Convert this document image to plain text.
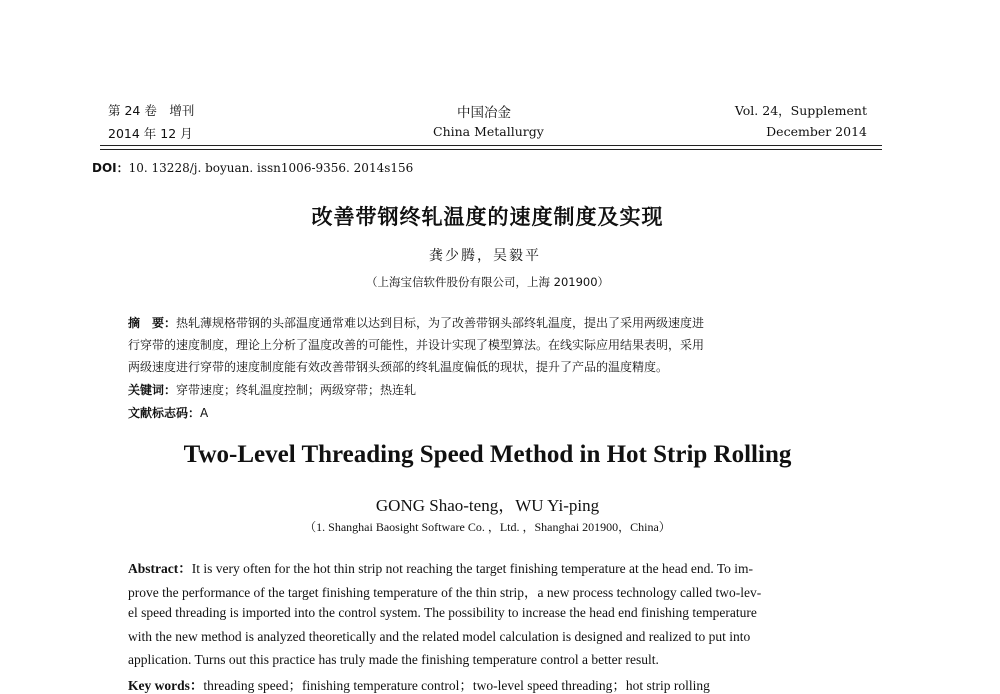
第 24 卷　增刊
2014 年 12 月
中国冶金
China Metallurgy
Vol. 24，Supplement
December 2014
DOI：10. 13228/j. boyuan. issn1006-9356. 2014s156
改善带钢终轧温度的速度制度及实现
龚少腾，吴毅平
（上海宝信软件股份有限公司，上海 201900）
摘　要：热轧薄规格带钢的头部温度通常难以达到目标，为了改善带钢头部终轧温度，提出了采用两级速度进
行穿带的速度制度，理论上分析了温度改善的可能性，并设计实现了模型算法。在线实际应用结果表明，采用
两级速度进行穿带的速度制度能有效改善带钢头颈部的终轧温度偏低的现状，提升了产品的温度精度。
关键词：穿带速度；终轧温度控制；两级穿带；热连轧
文献标志码：A
Two-Level Threading Speed Method in Hot Strip Rolling
GONG Shao-teng，WU Yi-ping
（1. Shanghai Baosight Software Co. ，Ltd. ，Shanghai 201900，China）
Abstract：It is very often for the hot thin strip not reaching the target finishing temperature at the head end. To im-
prove the performance of the target finishing temperature of the thin strip，a new process technology called two-lev-
el speed threading is imported into the control system. The possibility to increase the head end finishing temperature
with the new method is analyzed theoretically and the related model calculation is designed and realized to put into
application. Turns out this practice has truly made the finishing temperature control a better result.
Key words：threading speed；finishing temperature control；two-level speed threading；hot strip rolling
